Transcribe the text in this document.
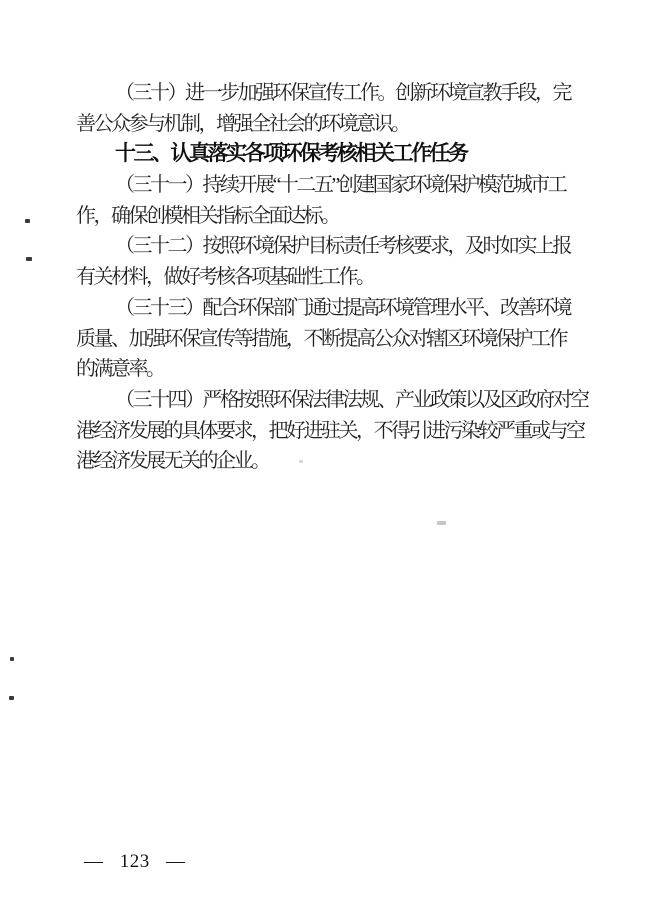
（三十）进一步加强环保宣传工作。创新环境宣教手段，完
善公众参与机制，增强全社会的环境意识。
十三、认真落实各项环保考核相关工作任务
（三十一）持续开展“十二五”创建国家环境保护模范城市工
作，确保创模相关指标全面达标。
（三十二）按照环境保护目标责任考核要求，及时如实上报
有关材料，做好考核各项基础性工作。
（三十三）配合环保部门通过提高环境管理水平、改善环境
质量、加强环保宣传等措施，不断提高公众对辖区环境保护工作
的满意率。
（三十四）严格按照环保法律法规、产业政策以及区政府对空
港经济发展的具体要求，把好进驻关，不得引进污染较严重或与空
港经济发展无关的企业。
— 123 —
